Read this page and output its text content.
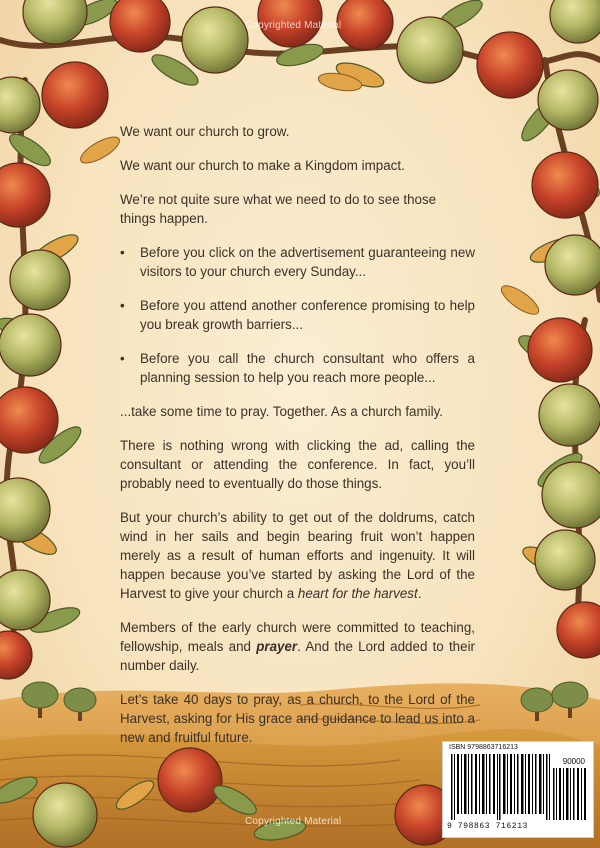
Copyrighted Material
Copyrighted Material

We want our church to grow.

We want our church to make a Kingdom impact.

We’re not quite sure what we need to do to see those things happen.

• Before you click on the advertisement guaranteeing new visitors to your church every Sunday...
• Before you attend another conference promising to help you break growth barriers...
• Before you call the church consultant who offers a planning session to help you reach more people...

...take some time to pray. Together. As a church family.

There is nothing wrong with clicking the ad, calling the consultant or attending the conference. In fact, you’ll probably need to eventually do those things.

But your church’s ability to get out of the doldrums, catch wind in her sails and begin bearing fruit won’t happen merely as a result of human efforts and ingenuity. It will happen because you’ve started by asking the Lord of the Harvest to give your church a heart for the harvest.

Members of the early church were committed to teaching, fellowship, meals and prayer. And the Lord added to their number daily.

Let’s take 40 days to pray, as a church, to the Lord of the Harvest, asking for His grace and guidance to lead us into a new and fruitful future.

ISBN 9798863716213
90000
9 798863 716213
